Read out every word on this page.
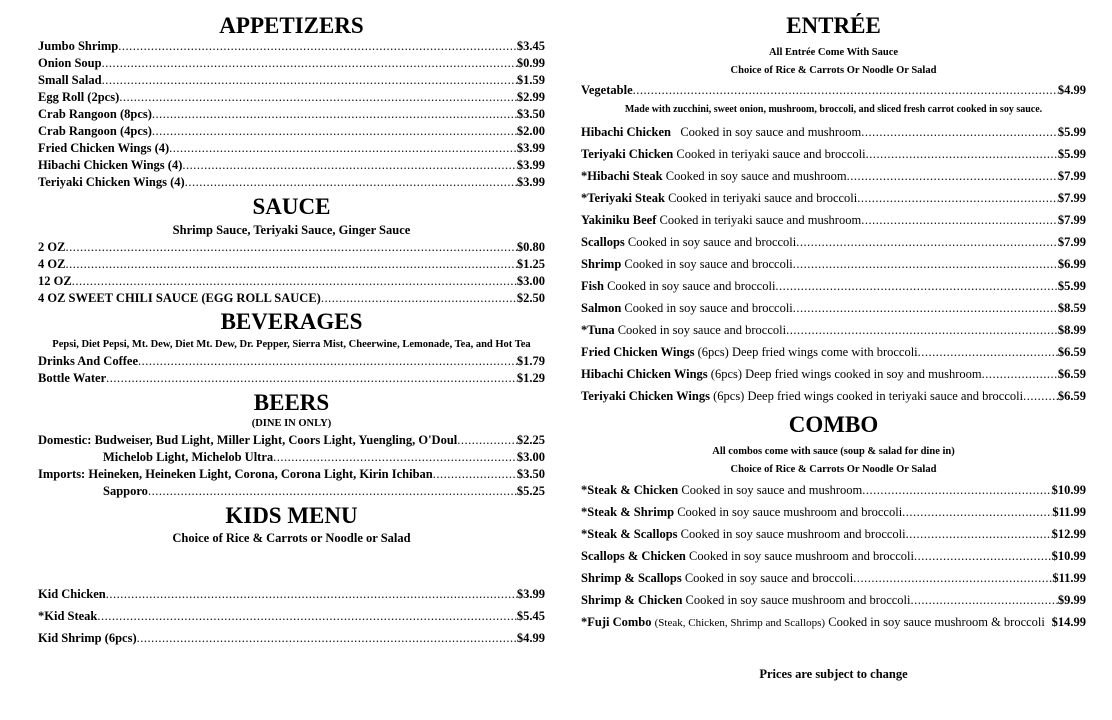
APPETIZERS
Jumbo Shrimp .....	$3.45
Onion Soup .....	$0.99
Small Salad .....	$1.59
Egg Roll (2pcs) .....	$2.99
Crab Rangoon (8pcs) .....	$3.50
Crab Rangoon (4pcs) .....	$2.00
Fried Chicken Wings (4) .....	$3.99
Hibachi Chicken Wings (4) .....	$3.99
Teriyaki Chicken Wings (4) .....	$3.99
SAUCE
Shrimp Sauce, Teriyaki Sauce, Ginger Sauce
2 OZ .....	$0.80
4 OZ .....	$1.25
12 OZ .....	$3.00
4 OZ SWEET CHILI SAUCE (EGG ROLL SAUCE) .....	$2.50
BEVERAGES
Pepsi, Diet Pepsi, Mt. Dew, Diet Mt. Dew, Dr. Pepper, Sierra Mist, Cheerwine, Lemonade, Tea, and Hot Tea
Drinks And Coffee .....	$1.79
Bottle Water .....	$1.29
BEERS
(DINE IN ONLY)
Domestic: Budweiser, Bud Light, Miller Light, Coors Light, Yuengling, O'Doul .....	$2.25
Michelob Light, Michelob Ultra .....	$3.00
Imports: Heineken, Heineken Light, Corona, Corona Light, Kirin Ichiban .....	$3.50
Sapporo .....	$5.25
KIDS MENU
Choice of Rice & Carrots or Noodle or Salad
Kid Chicken .....	$3.99
*Kid Steak .....	$5.45
Kid Shrimp (6pcs) .....	$4.99
ENTRÉE
All Entrée Come With Sauce
Choice of Rice & Carrots Or Noodle Or Salad
Vegetable .....	$4.99
Made with zucchini, sweet onion, mushroom, broccoli, and sliced fresh carrot cooked in soy sauce.
Hibachi Chicken
Cooked in soy sauce and mushroom .....	$5.99
Teriyaki Chicken
Cooked in teriyaki sauce and broccoli .....	$5.99
*Hibachi Steak
Cooked in soy sauce and mushroom .....	$7.99
*Teriyaki Steak
Cooked in teriyaki sauce and broccoli .....	$7.99
Yakiniku Beef
Cooked in teriyaki sauce and mushroom .....	$7.99
Scallops
Cooked in soy sauce and broccoli .....	$7.99
Shrimp
Cooked in soy sauce and broccoli .....	$6.99
Fish
Cooked in soy sauce and broccoli .....	$5.99
Salmon
Cooked in soy sauce and broccoli .....	$8.59
*Tuna
Cooked in soy sauce and broccoli .....	$8.99
Fried Chicken Wings
(6pcs) Deep fried wings come with broccoli .....	$6.59
Hibachi Chicken Wings
(6pcs) Deep fried wings cooked in soy and mushroom .....	$6.59
Teriyaki Chicken Wings
(6pcs) Deep fried wings cooked in teriyaki sauce and broccoli .....	$6.59
COMBO
All combos come with sauce (soup & salad for dine in)
Choice of Rice & Carrots Or Noodle Or Salad
*Steak & Chicken
Cooked in soy sauce and mushroom .....	$10.99
*Steak & Shrimp
Cooked in soy sauce mushroom and broccoli .....	$11.99
*Steak & Scallops
Cooked in soy sauce mushroom and broccoli .....	$12.99
Scallops & Chicken
Cooked in soy sauce mushroom and broccoli .....	$10.99
Shrimp & Scallops
Cooked in soy sauce and broccoli .....	$11.99
Shrimp & Chicken
Cooked in soy sauce mushroom and broccoli .....	$9.99
*Fuji Combo
(Steak, Chicken, Shrimp and Scallops)
Cooked in soy sauce mushroom & broccoli
$14.99
Prices are subject to change
